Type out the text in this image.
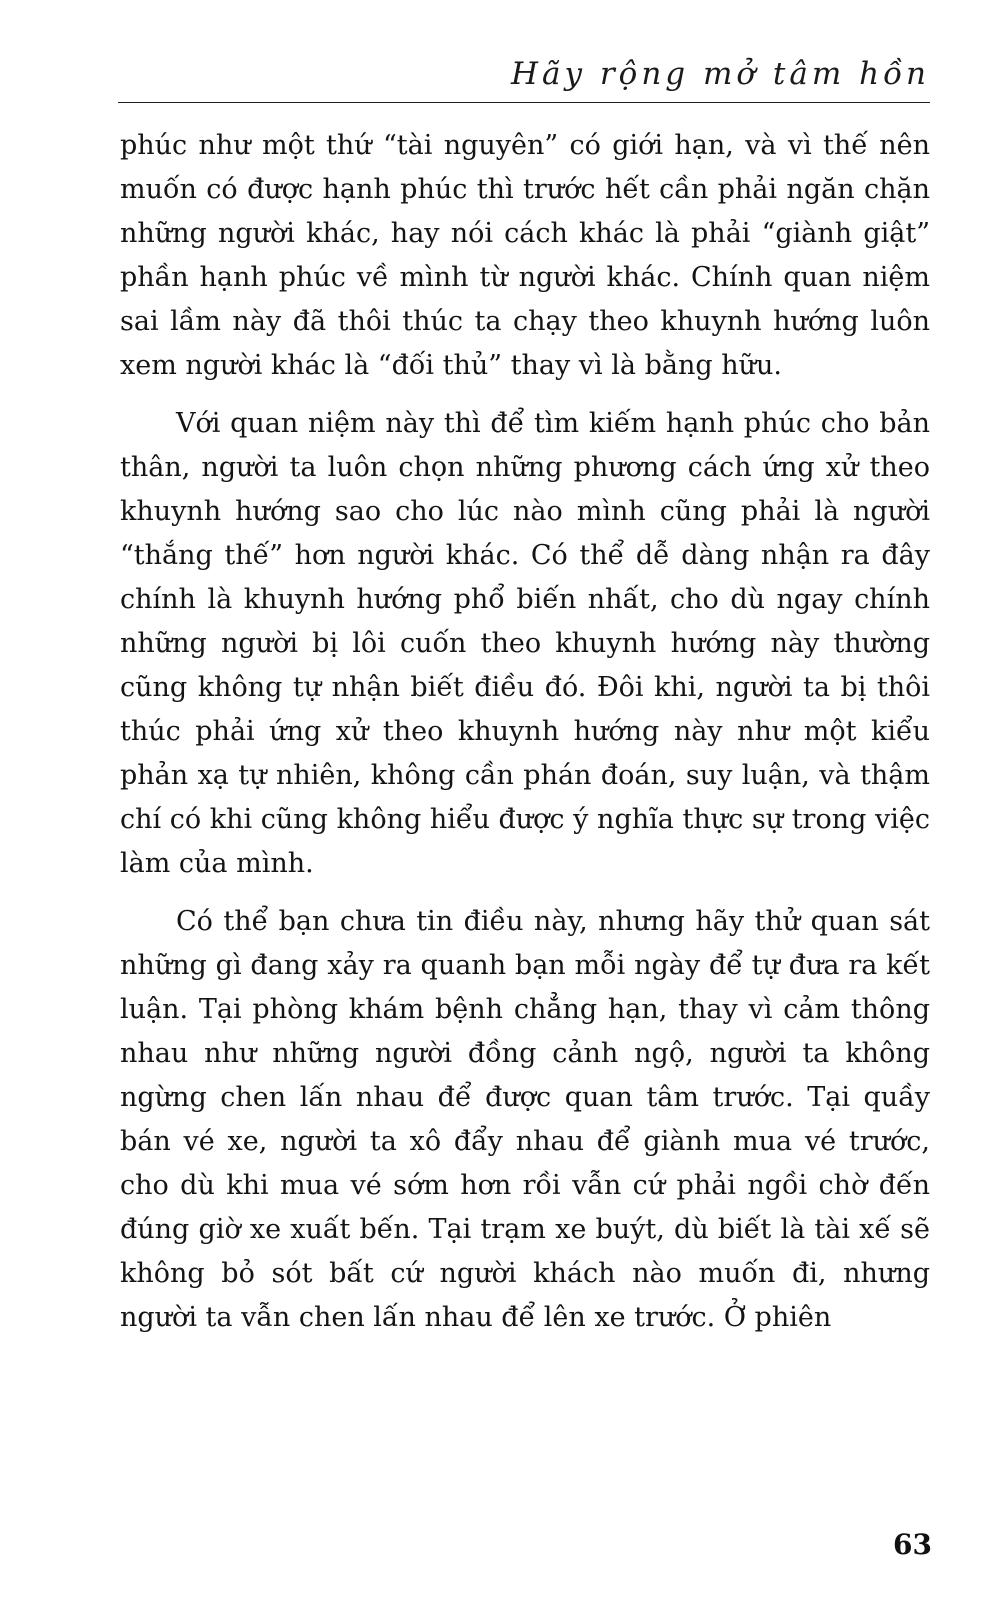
Hãy rộng mở tâm hồn

phúc như một thứ “tài nguyên” có giới hạn, và vì thế nên muốn có được hạnh phúc thì trước hết cần phải ngăn chặn những người khác, hay nói cách khác là phải “giành giật” phần hạnh phúc về mình từ người khác. Chính quan niệm sai lầm này đã thôi thúc ta chạy theo khuynh hướng luôn xem người khác là “đối thủ” thay vì là bằng hữu.

Với quan niệm này thì để tìm kiếm hạnh phúc cho bản thân, người ta luôn chọn những phương cách ứng xử theo khuynh hướng sao cho lúc nào mình cũng phải là người “thắng thế” hơn người khác. Có thể dễ dàng nhận ra đây chính là khuynh hướng phổ biến nhất, cho dù ngay chính những người bị lôi cuốn theo khuynh hướng này thường cũng không tự nhận biết điều đó. Đôi khi, người ta bị thôi thúc phải ứng xử theo khuynh hướng này như một kiểu phản xạ tự nhiên, không cần phán đoán, suy luận, và thậm chí có khi cũng không hiểu được ý nghĩa thực sự trong việc làm của mình.

Có thể bạn chưa tin điều này, nhưng hãy thử quan sát những gì đang xảy ra quanh bạn mỗi ngày để tự đưa ra kết luận. Tại phòng khám bệnh chẳng hạn, thay vì cảm thông nhau như những người đồng cảnh ngộ, người ta không ngừng chen lấn nhau để được quan tâm trước. Tại quầy bán vé xe, người ta xô đẩy nhau để giành mua vé trước, cho dù khi mua vé sớm hơn rồi vẫn cứ phải ngồi chờ đến đúng giờ xe xuất bến. Tại trạm xe buýt, dù biết là tài xế sẽ không bỏ sót bất cứ người khách nào muốn đi, nhưng người ta vẫn chen lấn nhau để lên xe trước. Ở phiên

63
